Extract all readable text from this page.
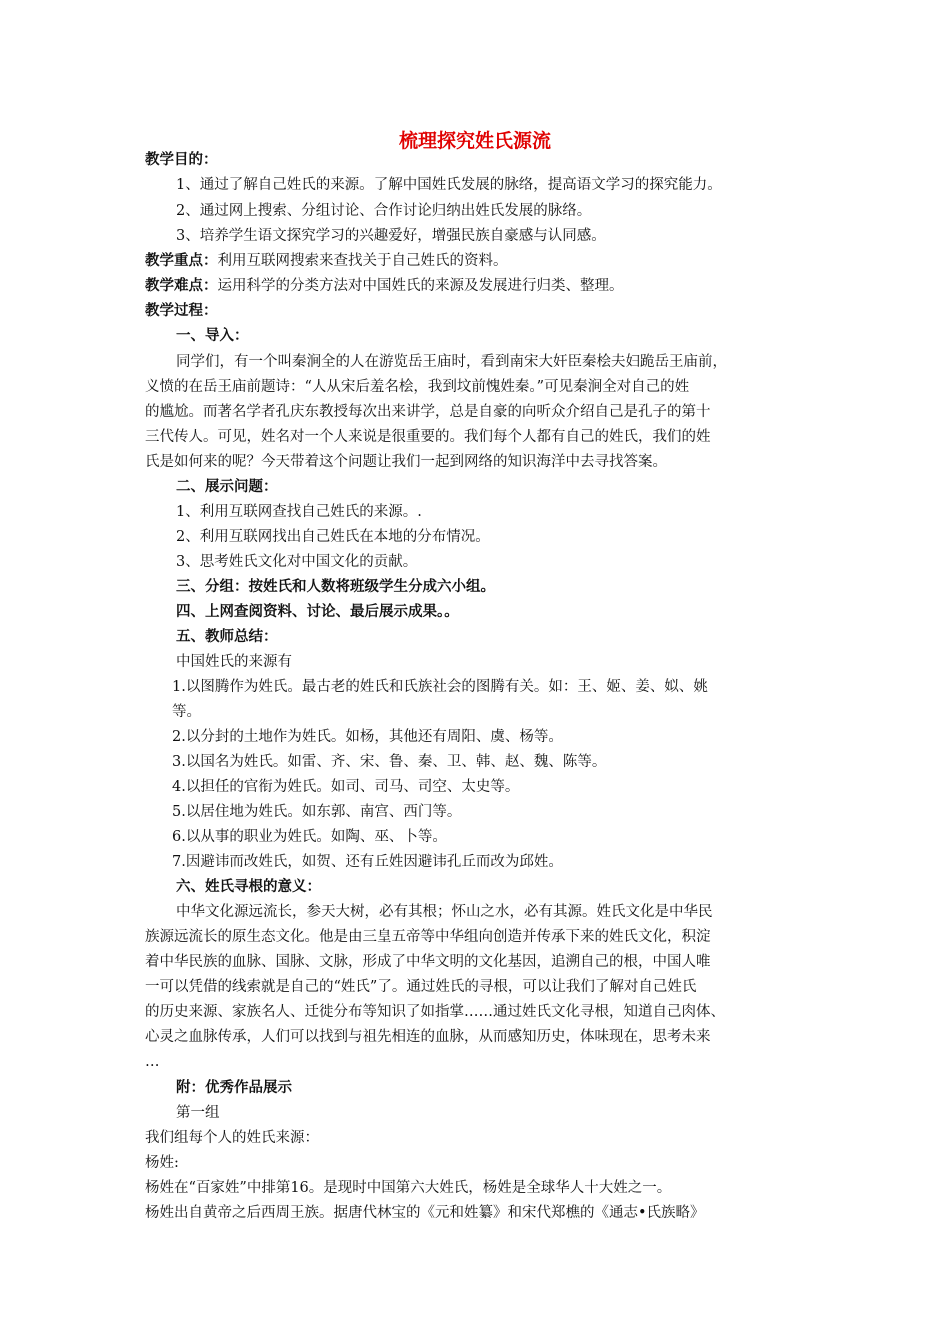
梳理探究姓氏源流
教学目的：
1、通过了解自己姓氏的来源。了解中国姓氏发展的脉络，提高语文学习的探究能力。
2、通过网上搜索、分组讨论、合作讨论归纳出姓氏发展的脉络。
3、培养学生语文探究学习的兴趣爱好，增强民族自豪感与认同感。
教学重点：利用互联网搜索来查找关于自己姓氏的资料。
教学难点：运用科学的分类方法对中国姓氏的来源及发展进行归类、整理。
教学过程：
一、导入：
同学们，有一个叫秦涧全的人在游览岳王庙时，看到南宋大奸臣秦桧夫妇跪岳王庙前，
义愤的在岳王庙前题诗：“人从宋后羞名桧，我到坟前愧姓秦。”可见秦涧全对自己的姓
的尴尬。而著名学者孔庆东教授每次出来讲学，总是自豪的向听众介绍自己是孔子的第十
三代传人。可见，姓名对一个人来说是很重要的。我们每个人都有自己的姓氏，我们的姓
氏是如何来的呢？今天带着这个问题让我们一起到网络的知识海洋中去寻找答案。
二、展示问题：
1、利用互联网查找自己姓氏的来源。.
2、利用互联网找出自己姓氏在本地的分布情况。
3、思考姓氏文化对中国文化的贡献。
三、分组：按姓氏和人数将班级学生分成六小组。
四、上网查阅资料、讨论、最后展示成果。。
五、教师总结：
中国姓氏的来源有
1.以图腾作为姓氏。最古老的姓氏和氏族社会的图腾有关。如：王、姬、姜、姒、姚
等。
2.以分封的土地作为姓氏。如杨，其他还有周阳、虞、杨等。
3.以国名为姓氏。如雷、齐、宋、鲁、秦、卫、韩、赵、魏、陈等。
4.以担任的官衔为姓氏。如司、司马、司空、太史等。
5.以居住地为姓氏。如东郭、南宫、西门等。
6.以从事的职业为姓氏。如陶、巫、卜等。
7.因避讳而改姓氏，如贺、还有丘姓因避讳孔丘而改为邱姓。
六、姓氏寻根的意义：
中华文化源远流长，参天大树，必有其根；怀山之水，必有其源。姓氏文化是中华民
族源远流长的原生态文化。他是由三皇五帝等中华组向创造并传承下来的姓氏文化，积淀
着中华民族的血脉、国脉、文脉，形成了中华文明的文化基因，追溯自己的根，中国人唯
一可以凭借的线索就是自己的“姓氏”了。通过姓氏的寻根，可以让我们了解对自己姓氏
的历史来源、家族名人、迁徙分布等知识了如指掌……通过姓氏文化寻根，知道自己肉体、
心灵之血脉传承，人们可以找到与祖先相连的血脉，从而感知历史，体味现在，思考未来
…
附：优秀作品展示
第一组
我们组每个人的姓氏来源：
杨姓:
杨姓在“百家姓”中排第16。是现时中国第六大姓氏，杨姓是全球华人十大姓之一。
杨姓出自黄帝之后西周王族。据唐代林宝的《元和姓纂》和宋代郑樵的《通志•氏族略》
